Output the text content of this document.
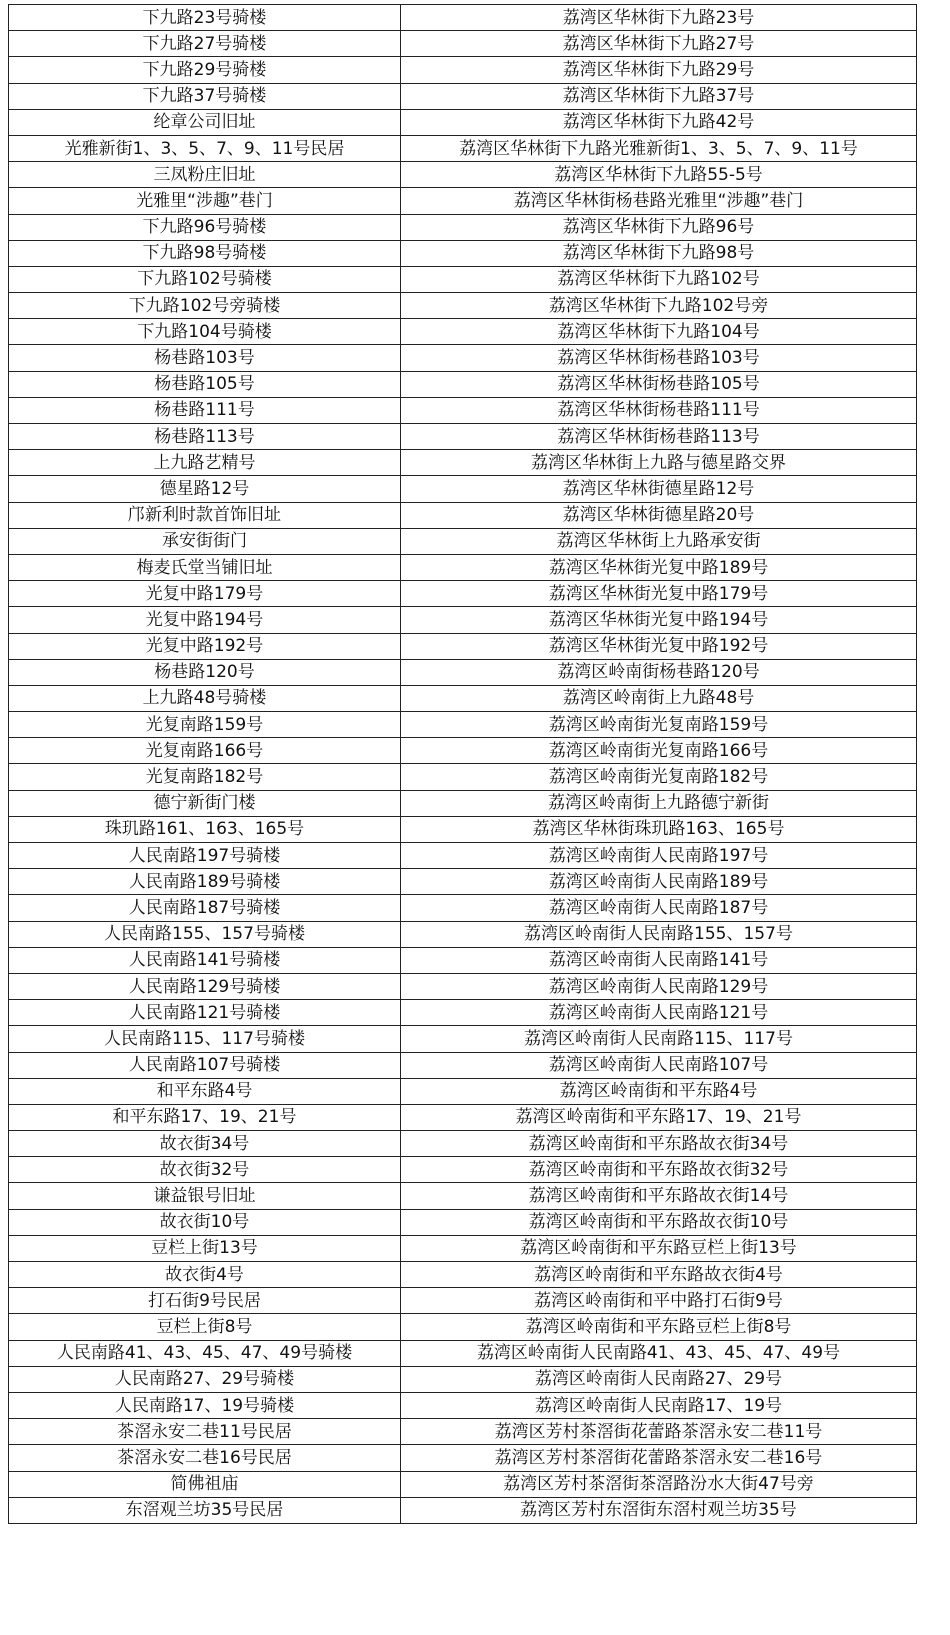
下九路23号骑楼	荔湾区华林街下九路23号
下九路27号骑楼	荔湾区华林街下九路27号
下九路29号骑楼	荔湾区华林街下九路29号
下九路37号骑楼	荔湾区华林街下九路37号
纶章公司旧址	荔湾区华林街下九路42号
光雅新街1、3、5、7、9、11号民居	荔湾区华林街下九路光雅新街1、3、5、7、9、11号
三凤粉庄旧址	荔湾区华林街下九路55-5号
光雅里“涉趣”巷门	荔湾区华林街杨巷路光雅里“涉趣”巷门
下九路96号骑楼	荔湾区华林街下九路96号
下九路98号骑楼	荔湾区华林街下九路98号
下九路102号骑楼	荔湾区华林街下九路102号
下九路102号旁骑楼	荔湾区华林街下九路102号旁
下九路104号骑楼	荔湾区华林街下九路104号
杨巷路103号	荔湾区华林街杨巷路103号
杨巷路105号	荔湾区华林街杨巷路105号
杨巷路111号	荔湾区华林街杨巷路111号
杨巷路113号	荔湾区华林街杨巷路113号
上九路艺精号	荔湾区华林街上九路与德星路交界
德星路12号	荔湾区华林街德星路12号
邝新利时款首饰旧址	荔湾区华林街德星路20号
承安街街门	荔湾区华林街上九路承安街
梅麦氏堂当铺旧址	荔湾区华林街光复中路189号
光复中路179号	荔湾区华林街光复中路179号
光复中路194号	荔湾区华林街光复中路194号
光复中路192号	荔湾区华林街光复中路192号
杨巷路120号	荔湾区岭南街杨巷路120号
上九路48号骑楼	荔湾区岭南街上九路48号
光复南路159号	荔湾区岭南街光复南路159号
光复南路166号	荔湾区岭南街光复南路166号
光复南路182号	荔湾区岭南街光复南路182号
德宁新街门楼	荔湾区岭南街上九路德宁新街
珠玑路161、163、165号	荔湾区华林街珠玑路163、165号
人民南路197号骑楼	荔湾区岭南街人民南路197号
人民南路189号骑楼	荔湾区岭南街人民南路189号
人民南路187号骑楼	荔湾区岭南街人民南路187号
人民南路155、157号骑楼	荔湾区岭南街人民南路155、157号
人民南路141号骑楼	荔湾区岭南街人民南路141号
人民南路129号骑楼	荔湾区岭南街人民南路129号
人民南路121号骑楼	荔湾区岭南街人民南路121号
人民南路115、117号骑楼	荔湾区岭南街人民南路115、117号
人民南路107号骑楼	荔湾区岭南街人民南路107号
和平东路4号	荔湾区岭南街和平东路4号
和平东路17、19、21号	荔湾区岭南街和平东路17、19、21号
故衣街34号	荔湾区岭南街和平东路故衣街34号
故衣街32号	荔湾区岭南街和平东路故衣街32号
谦益银号旧址	荔湾区岭南街和平东路故衣街14号
故衣街10号	荔湾区岭南街和平东路故衣街10号
豆栏上街13号	荔湾区岭南街和平东路豆栏上街13号
故衣街4号	荔湾区岭南街和平东路故衣街4号
打石街9号民居	荔湾区岭南街和平中路打石街9号
豆栏上街8号	荔湾区岭南街和平东路豆栏上街8号
人民南路41、43、45、47、49号骑楼	荔湾区岭南街人民南路41、43、45、47、49号
人民南路27、29号骑楼	荔湾区岭南街人民南路27、29号
人民南路17、19号骑楼	荔湾区岭南街人民南路17、19号
茶滘永安二巷11号民居	荔湾区芳村茶滘街花蕾路茶滘永安二巷11号
茶滘永安二巷16号民居	荔湾区芳村茶滘街花蕾路茶滘永安二巷16号
简佛祖庙	荔湾区芳村茶滘街茶滘路汾水大街47号旁
东滘观兰坊35号民居	荔湾区芳村东滘街东滘村观兰坊35号
